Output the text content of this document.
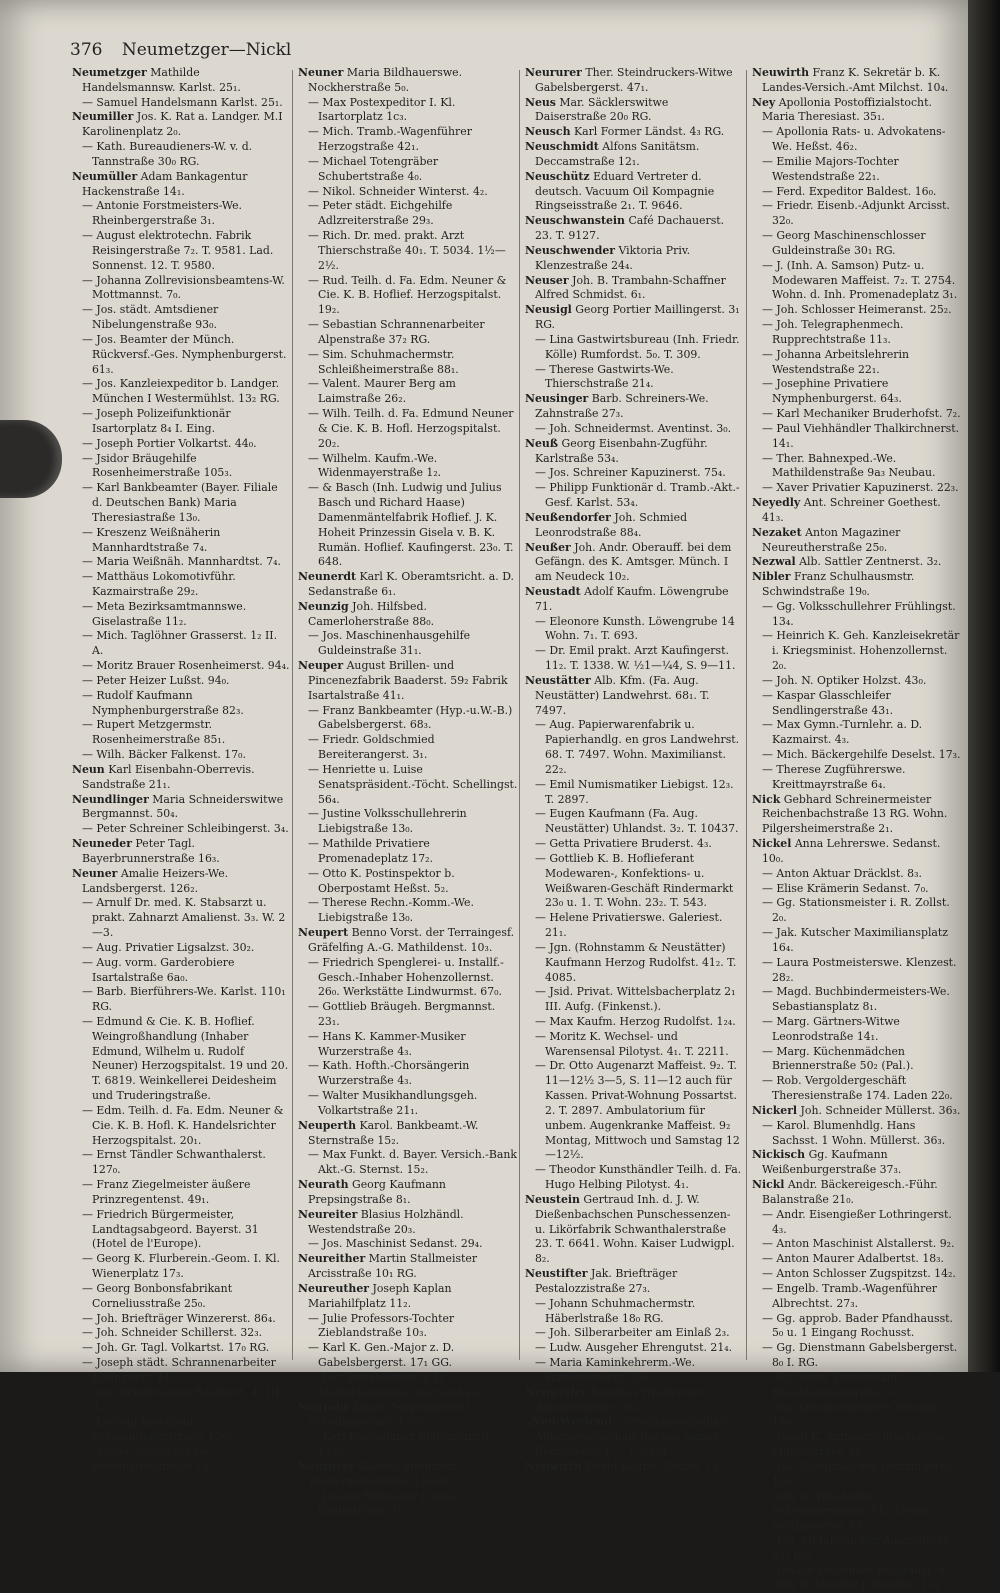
376 Neumetzger—Nickl

Neumetzger Mathilde Handelsmannsw. Karlst. 25₁.

— Samuel Handelsmann Karlst. 25₁.

Neumiller Jos. K. Rat a. Landger. M.I Karolinenplatz 2₀.

— Kath. Bureaudieners-W. v. d. Tannstraße 30₀ RG.

Neumüller Adam Bankagentur Hackenstraße 14₁.

— Antonie Forstmeisters-We. Rheinbergerstraße 3₁.

— August elektrotechn. Fabrik Reisingerstraße 7₂. T. 9581. Lad. Sonnenst. 12. T. 9580.

— Johanna Zollrevisionsbeamtens-W. Mottmannst. 7₀.

— Jos. städt. Amtsdiener Nibelungenstraße 93₀.

— Jos. Beamter der Münch. Rückversf.-Ges. Nymphenburgerst. 61₃.

— Jos. Kanzleiexpeditor b. Landger. München I Westermühlst. 13₂ RG.

— Joseph Polizeifunktionär Isartorplatz 8₄ I. Eing.

— Joseph Portier Volkartst. 44₀.

— Jsidor Bräugehilfe Rosenheimerstraße 105₃.

— Karl Bankbeamter (Bayer. Filiale d. Deutschen Bank) Maria Theresiastraße 13₀.

— Kreszenz Weißnäherin Mannhardtstraße 7₄.

— Maria Weißnäh. Mannhardtst. 7₄.

— Matthäus Lokomotivführ. Kazmairstraße 29₂.

— Meta Bezirksamtmannswe. Giselastraße 11₂.

— Mich. Taglöhner Grasserst. 1₂ II. A.

— Moritz Brauer Rosenheimerst. 94₄.

— Peter Heizer Lußst. 94₀.

— Rudolf Kaufmann Nymphenburgerstraße 82₃.

— Rupert Metzgermstr. Rosenheimerstraße 85₁.

— Wilh. Bäcker Falkenst. 17₀.

Neun Karl Eisenbahn-Oberrevis. Sandstraße 21₁.

Neundlinger Maria Schneiderswitwe Bergmannst. 50₄.

— Peter Schreiner Schleibingerst. 3₄.

Neuneder Peter Tagl. Bayerbrunnerstraße 16₃.

Neuner Amalie Heizers-We. Landsbergerst. 126₂.

— Arnulf Dr. med. K. Stabsarzt u. prakt. Zahnarzt Amalienst. 3₃. W. 2—3.

— Aug. Privatier Ligsalzst. 30₂.

— Aug. vorm. Garderobiere Isartalstraße 6a₀.

— Barb. Bierführers-We. Karlst. 110₁ RG.

— Edmund & Cie. K. B. Hoflief. Weingroßhandlung (Inhaber Edmund, Wilhelm u. Rudolf Neuner) Herzogspitalst. 19 und 20. T. 6819. Weinkellerei Deidesheim und Truderingstraße.

— Edm. Teilh. d. Fa. Edm. Neuner & Cie. K. B. Hofl. K. Handelsrichter Herzogspitalst. 20₁.

— Ernst Tändler Schwanthalerst. 127₀.

— Franz Ziegelmeister äußere Prinzregentenst. 49₁.

— Friedrich Bürgermeister, Landtagsabgeord. Bayerst. 31 (Hotel de l'Europe).

— Georg K. Flurberein.-Geom. I. Kl. Wienerplatz 17₃.

— Georg Bonbonsfabrikant Corneliusstraße 25₀.

— Joh. Briefträger Winzererst. 86₄.

— Joh. Schneider Schillerst. 32₃.

— Joh. Gr. Tagl. Volkartst. 17₀ RG.

— Joseph städt. Schrannenarbeiter Eglingerst. 14₂.

— Jos. Schriftsetzer Baaderst. 4₃ III. A.

— Ludwig Ingenieur Schwanthalerstraße 126₁.

— Maria Ausgehers-We. Reisenstuelstraße 13₁.

Neuner Maria Bildhauerswe. Nockherstraße 5₀.

— Max Postexpeditor I. Kl. Isartorplatz 1c₃.

— Mich. Tramb.-Wagenführer Herzogstraße 42₁.

— Michael Totengräber Schubertstraße 4₀.

— Nikol. Schneider Winterst. 4₂.

— Peter städt. Eichgehilfe Adlzreiterstraße 29₃.

— Rich. Dr. med. prakt. Arzt Thierschstraße 40₁. T. 5034. 1½—2½.

— Rud. Teilh. d. Fa. Edm. Neuner & Cie. K. B. Hoflief. Herzogspitalst. 19₂.

— Sebastian Schrannenarbeiter Alpenstraße 37₂ RG.

— Sim. Schuhmachermstr. Schleißheimerstraße 88₁.

— Valent. Maurer Berg am Laimstraße 26₂.

— Wilh. Teilh. d. Fa. Edmund Neuner & Cie. K. B. Hofl. Herzogspitalst. 20₂.

— Wilhelm. Kaufm.-We. Widenmayerstraße 1₂.

— & Basch (Inh. Ludwig und Julius Basch und Richard Haase) Damenmäntelfabrik Hoflief. J. K. Hoheit Prinzessin Gisela v. B. K. Rumän. Hoflief. Kaufingerst. 23₀. T. 648.

Neunerdt Karl K. Oberamtsricht. a. D. Sedanstraße 6₁.

Neunzig Joh. Hilfsbed. Camerloherstraße 88₀.

— Jos. Maschinenhausgehilfe Guldeinstraße 31₁.

Neuper August Brillen- und Pincenezfabrik Baaderst. 59₂ Fabrik Isartalstraße 41₁.

— Franz Bankbeamter (Hyp.-u.W.-B.) Gabelsbergerst. 68₃.

— Friedr. Goldschmied Bereiterangerst. 3₁.

— Henriette u. Luise Senatspräsident.-Töcht. Schellingst. 56₄.

— Justine Volksschullehrerin Liebigstraße 13₀.

— Mathilde Privatiere Promenadeplatz 17₂.

— Otto K. Postinspektor b. Oberpostamt Heßst. 5₂.

— Therese Rechn.-Komm.-We. Liebigstraße 13₀.

Neupert Benno Vorst. der Terraingesf. Gräfelfing A.-G. Mathildenst. 10₃.

— Friedrich Spenglerei- u. Installf.-Gesch.-Inhaber Hohenzollernst. 26₀. Werkstätte Lindwurmst. 67₀.

— Gottlieb Bräugeh. Bergmannst. 23₁.

— Hans K. Kammer-Musiker Wurzerstraße 4₃.

— Kath. Hofth.-Chorsängerin Wurzerstraße 4₃.

— Walter Musikhandlungsgeh. Volkartstraße 21₁.

Neuperth Karol. Bankbeamt.-W. Sternstraße 15₂.

— Max Funkt. d. Bayer. Versich.-Bank Akt.-G. Sternst. 15₂.

Neurath Georg Kaufmann Prepsingstraße 8₁.

Neureiter Blasius Holzhändl. Westendstraße 20₃.

— Jos. Maschinist Sedanst. 29₄.

Neureither Martin Stallmeister Arcisstraße 10₁ RG.

Neureuther Joseph Kaplan Mariahilfplatz 11₂.

— Julie Professors-Tochter Zieblandstraße 10₃.

— Karl K. Gen.-Major z. D. Gabelsbergerst. 17₁ GG.

— Lor. Bauassistent a. D. Mathildenstraße 9a₃ Neubau.

Neurohr Jakob Zeugfeldwebel Schellingstraße 138₃.

— Karl Postadjunkt Blutenburgst. 122₂.

Neururer Gabriel Steinmetz Westermühlstraße 13₁ RG.

— Joseph Bildhauer Lucile Grahnstraße 1₃.

Neururer Ther. Steindruckers-Witwe Gabelsbergerst. 47₁.

Neus Mar. Säcklerswitwe Daiserstraße 20₀ RG.

Neusch Karl Former Ländst. 4₃ RG.

Neuschmidt Alfons Sanitätsm. Deccamstraße 12₁.

Neuschütz Eduard Vertreter d. deutsch. Vacuum Oil Kompagnie Ringseisstraße 2₁. T. 9646.

Neuschwanstein Café Dachauerst. 23. T. 9127.

Neuschwender Viktoria Priv. Klenzestraße 24₄.

Neuser Joh. B. Trambahn-Schaffner Alfred Schmidst. 6₁.

Neusigl Georg Portier Maillingerst. 3₁ RG.

— Lina Gastwirtsbureau (Inh. Friedr. Kölle) Rumfordst. 5₀. T. 309.

— Therese Gastwirts-We. Thierschstraße 21₄.

Neusinger Barb. Schreiners-We. Zahnstraße 27₃.

— Joh. Schneidermst. Aventinst. 3₀.

Neuß Georg Eisenbahn-Zugführ. Karlstraße 53₄.

— Jos. Schreiner Kapuzinerst. 75₄.

— Philipp Funktionär d. Tramb.-Akt.-Gesf. Karlst. 53₄.

Neußendorfer Joh. Schmied Leonrodstraße 88₄.

Neußer Joh. Andr. Oberauff. bei dem Gefängn. des K. Amtsger. Münch. I am Neudeck 10₂.

Neustadt Adolf Kaufm. Löwengrube 71.

— Eleonore Kunsth. Löwengrube 14 Wohn. 7₁. T. 693.

— Dr. Emil prakt. Arzt Kaufingerst. 11₂. T. 1338. W. ½1—¼4, S. 9—11.

Neustätter Alb. Kfm. (Fa. Aug. Neustätter) Landwehrst. 68₁. T. 7497.

— Aug. Papierwarenfabrik u. Papierhandlg. en gros Landwehrst. 68. T. 7497. Wohn. Maximilianst. 22₂.

— Emil Numismatiker Liebigst. 12₃. T. 2897.

— Eugen Kaufmann (Fa. Aug. Neustätter) Uhlandst. 3₂. T. 10437.

— Getta Privatiere Bruderst. 4₃.

— Gottlieb K. B. Hoflieferant Modewaren-, Konfektions- u. Weißwaren-Geschäft Rindermarkt 23₀ u. 1. T. Wohn. 23₂. T. 543.

— Helene Privatierswe. Galeriest. 21₁.

— Jgn. (Rohnstamm & Neustätter) Kaufmann Herzog Rudolfst. 41₂. T. 4085.

— Jsid. Privat. Wittelsbacherplatz 2₁ III. Aufg. (Finkenst.).

— Max Kaufm. Herzog Rudolfst. 1₂₄.

— Moritz K. Wechsel- und Warensensal Pilotyst. 4₁. T. 2211.

— Dr. Otto Augenarzt Maffeist. 9₂. T. 11—12½ 3—5, S. 11—12 auch für Kassen. Privat-Wohnung Possartst. 2. T. 2897. Ambulatorium für unbem. Augenkranke Maffeist. 9₂ Montag, Mittwoch und Samstag 12—12½.

— Theodor Kunsthändler Teilh. d. Fa. Hugo Helbing Pilotyst. 4₁.

Neustein Gertraud Inh. d. J. W. Dießenbachschen Punschessenzen- u. Likörfabrik Schwanthalerstraße 23. T. 6641. Wohn. Kaiser Ludwigpl. 8₂.

Neustifter Jak. Briefträger Pestalozzistraße 27₃.

— Johann Schuhmachermstr. Häberlstraße 18₀ RG.

— Joh. Silberarbeiter am Einlaß 2₃.

— Ludw. Ausgeher Ehrengutst. 21₄.

— Maria Kaminkehrerm.-We. Haimhauserst. 25₂.

Neuweiler Rosalie Privatierswe. Amalienstraße 95₄.

„Neu-Westend“ Terraingesellschaft Aktiengesellschaft Bureau Agnes Bernauerst. 1½. T. 6221.

Neuwirth David Kaufm. Kohlst. 1a₂.

Neuwirth Franz K. Sekretär b. K. Landes-Versich.-Amt Milchst. 10₄.

Ney Apollonia Postoffizialstocht. Maria Theresiast. 35₁.

— Apollonia Rats- u. Advokatens-We. Heßst. 46₂.

— Emilie Majors-Tochter Westendstraße 22₁.

— Ferd. Expeditor Baldest. 16₀.

— Friedr. Eisenb.-Adjunkt Arcisst. 32₀.

— Georg Maschinenschlosser Guldeinstraße 30₁ RG.

— J. (Inh. A. Samson) Putz- u. Modewaren Maffeist. 7₂. T. 2754. Wohn. d. Inh. Promenadeplatz 3₁.

— Joh. Schlosser Heimeranst. 25₂.

— Joh. Telegraphenmech. Rupprechtstraße 11₃.

— Johanna Arbeitslehrerin Westendstraße 22₁.

— Josephine Privatiere Nymphenburgerst. 64₃.

— Karl Mechaniker Bruderhofst. 7₂.

— Paul Viehhändler Thalkirchnerst. 14₁.

— Ther. Bahnexped.-We. Mathildenstraße 9a₃ Neubau.

— Xaver Privatier Kapuzinerst. 22₃.

Neyedly Ant. Schreiner Goethest. 41₃.

Nezaket Anton Magaziner Neureutherstraße 25₀.

Nezwal Alb. Sattler Zentnerst. 3₂.

Nibler Franz Schulhausmstr. Schwindstraße 19₀.

— Gg. Volksschullehrer Frühlingst. 13₄.

— Heinrich K. Geh. Kanzleisekretär i. Kriegsminist. Hohenzollernst. 2₀.

— Joh. N. Optiker Holzst. 43₀.

— Kaspar Glasschleifer Sendlingerstraße 43₁.

— Max Gymn.-Turnlehr. a. D. Kazmairst. 4₃.

— Mich. Bäckergehilfe Deselst. 17₃.

— Therese Zugführerswe. Kreittmayrstraße 6₄.

Nick Gebhard Schreinermeister Reichenbachstraße 13 RG. Wohn. Pilgersheimerstraße 2₁.

Nickel Anna Lehrerswe. Sedanst. 10₀.

— Anton Aktuar Dräcklst. 8₃.

— Elise Krämerin Sedanst. 7₀.

— Gg. Stationsmeister i. R. Zollst. 2₀.

— Jak. Kutscher Maximiliansplatz 16₄.

— Laura Postmeisterswe. Klenzest. 28₂.

— Magd. Buchbindermeisters-We. Sebastiansplatz 8₁.

— Marg. Gärtners-Witwe Leonrodstraße 14₁.

— Marg. Küchenmädchen Briennerstraße 50₂ (Pal.).

— Rob. Vergoldergeschäft Theresienstraße 174. Laden 22₀.

Nickerl Joh. Schneider Müllerst. 36₃.

— Karol. Blumenhdlg. Hans Sachsst. 1 Wohn. Müllerst. 36₃.

Nickisch Gg. Kaufmann Weißenburgerstraße 37₃.

Nickl Andr. Bäckereigesch.-Führ. Balanstraße 21₀.

— Andr. Eisengießer Lothringerst. 4₃.

— Anton Maschinist Alstallerst. 9₂.

— Anton Maurer Adalbertst. 18₃.

— Anton Schlosser Zugspitzst. 14₂.

— Engelb. Tramb.-Wagenführer Albrechtst. 27₃.

— Gg. approb. Bader Pfandhausst. 5₀ u. 1 Eingang Rochusst.

— Gg. Dienstmann Gabelsbergerst. 8₀ I. RG.

— Gg. vorm. Dienstmann Rosenheimerstraße 3₂.

— Gg. Lokomotivführer Schulst. 15₀.

— Jakob K. Amtsgerichtssekretär Müllerstraße 31₃.

— Jak. Schuhmacher Lothringerst. 16₃.

— Joh. u. Tabakhdlg. Schommerstraße 11₃. Gesch. Neuhauserst. 11₀.

— Joh. Metallhändler Adlzreiterst. 21₀ RG.

— Johann Reisender Belgradst. 8₂.

— Joh. Schneider Jckstattst. 13₄.
